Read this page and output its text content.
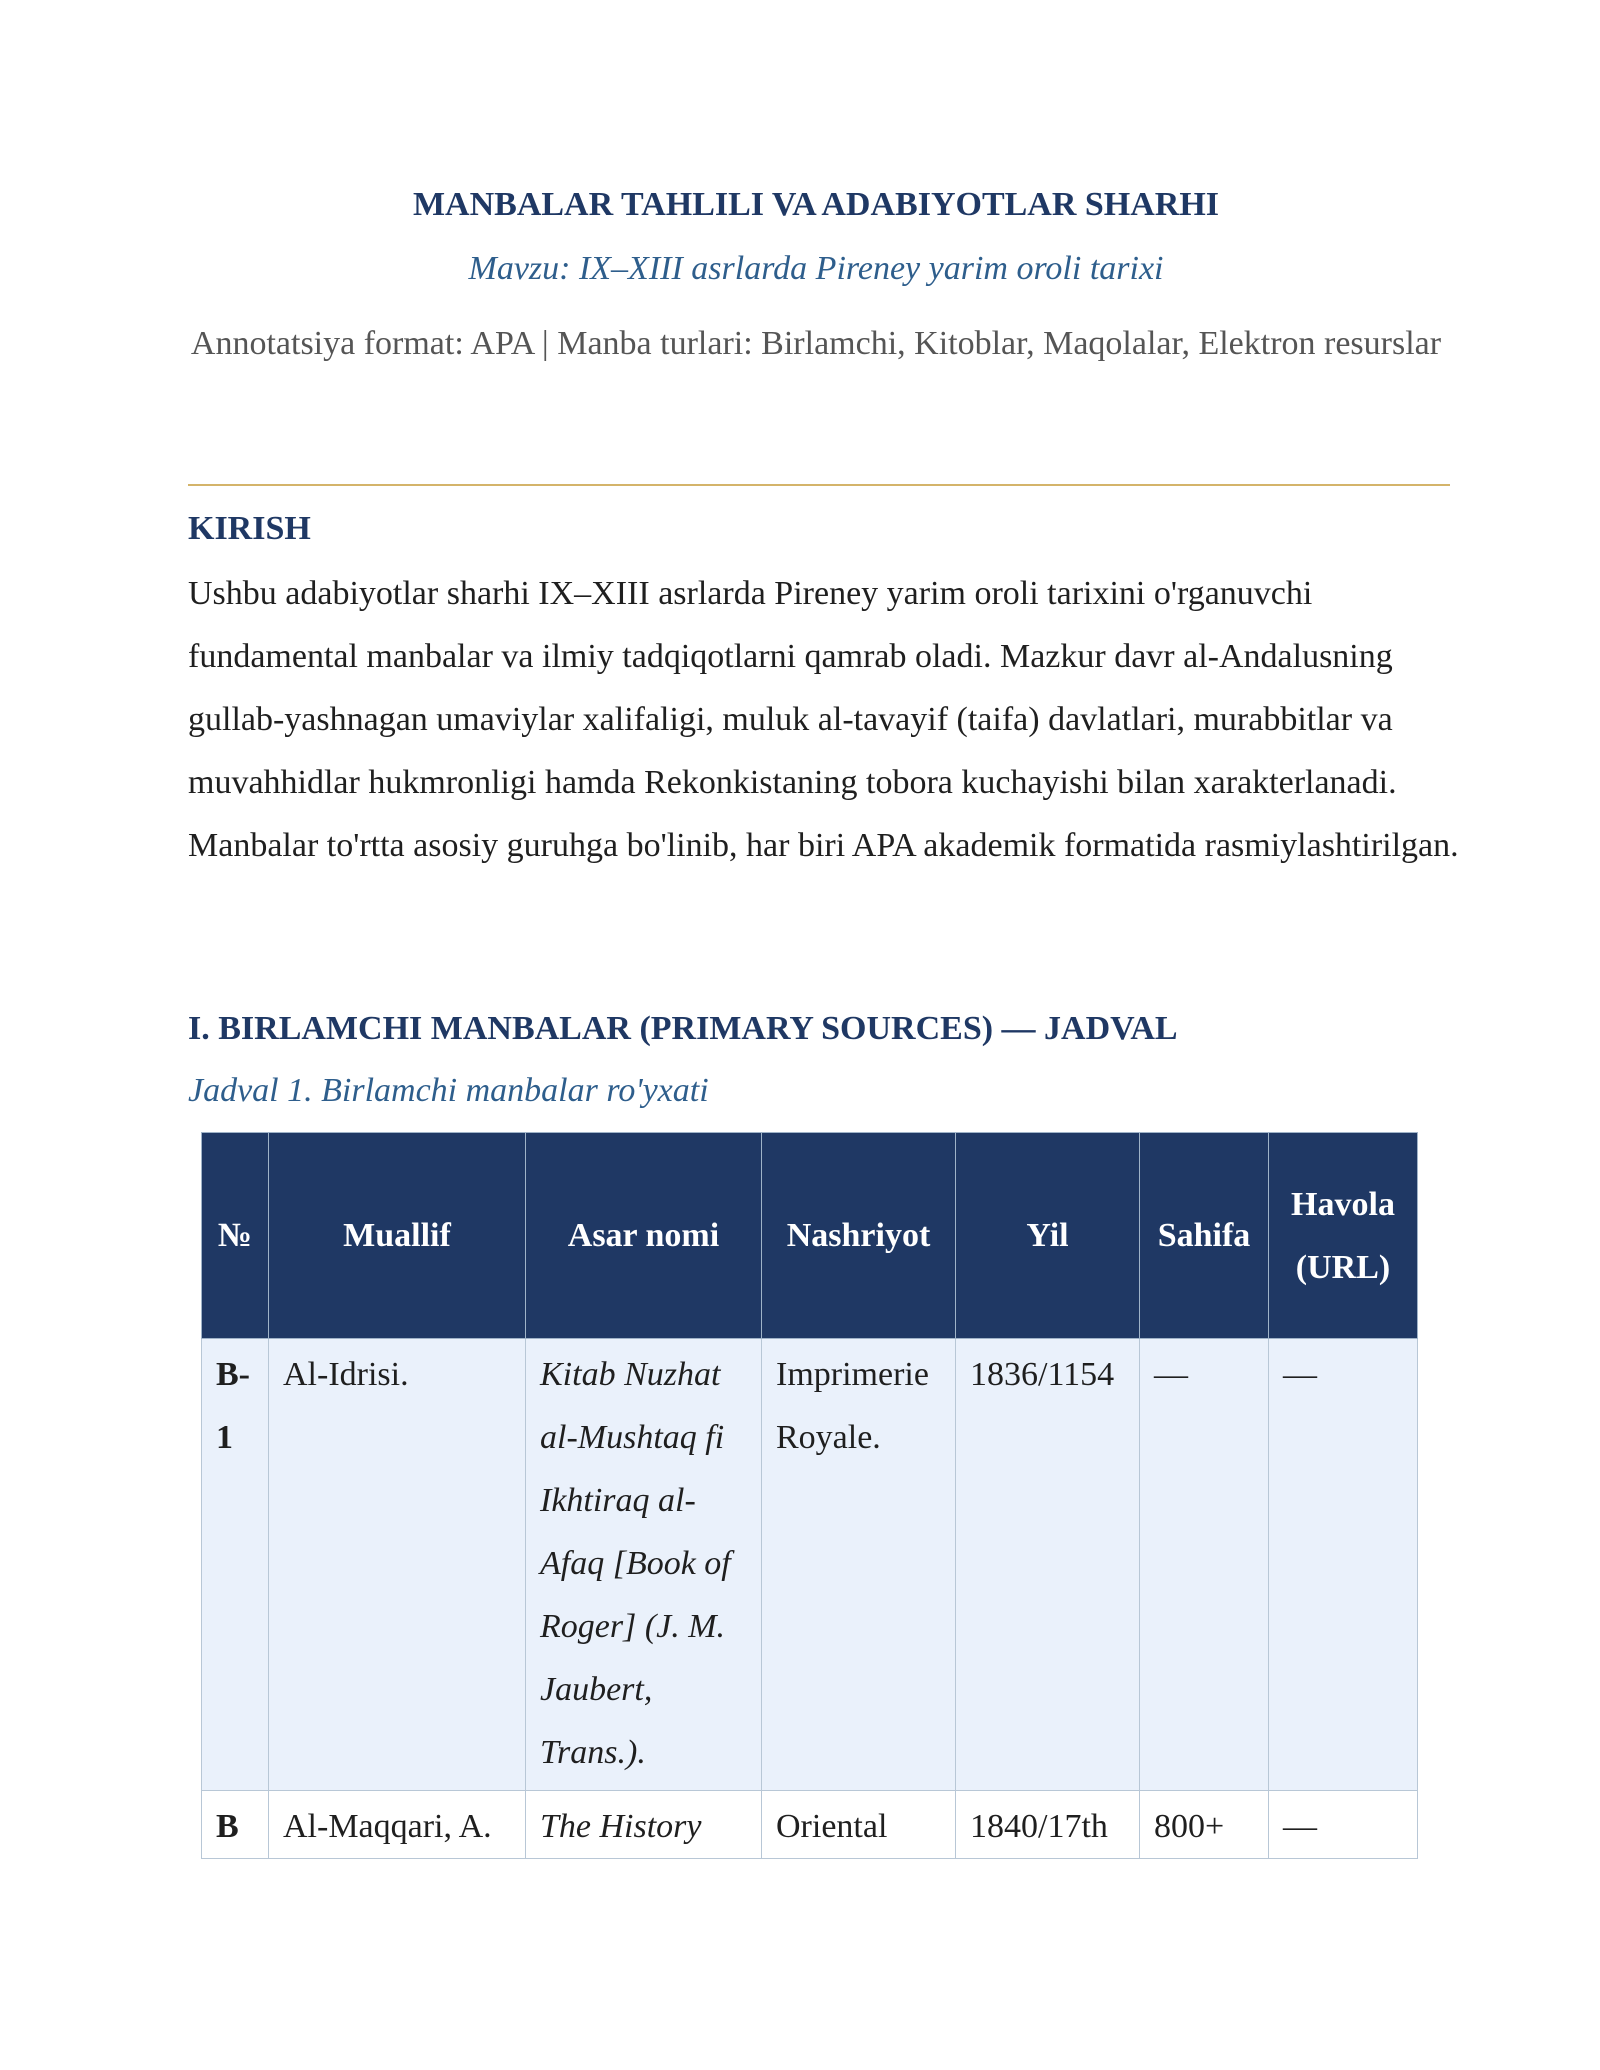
MANBALAR TAHLILI VA ADABIYOTLAR SHARHI
Mavzu: IX–XIII asrlarda Pireney yarim oroli tarixi
Annotatsiya format: APA | Manba turlari: Birlamchi, Kitoblar, Maqolalar, Elektron resurslar
KIRISH
Ushbu adabiyotlar sharhi IX–XIII asrlarda Pireney yarim oroli tarixini o'rganuvchi fundamental manbalar va ilmiy tadqiqotlarni qamrab oladi. Mazkur davr al-Andalusning gullab-yashnagan umaviylar xalifaligi, muluk al-tavayif (taifa) davlatlari, murabbitlar va muvahhidlar hukmronligi hamda Rekonkistaning tobora kuchayishi bilan xarakterlanadi. Manbalar to'rtta asosiy guruhga bo'linib, har biri APA akademik formatida rasmiylashtirilgan.
I. BIRLAMCHI MANBALAR (PRIMARY SOURCES) — JADVAL
Jadval 1. Birlamchi manbalar ro'yxati
№	Muallif	Asar nomi	Nashriyot	Yil	Sahifa	Havola (URL)
B-1	Al-Idrisi.	Kitab Nuzhat al-Mushtaq fi Ikhtiraq al-Afaq [Book of Roger] (J. M. Jaubert, Trans.).	Imprimerie Royale.	1836/1154	—	—
B	Al-Maqqari, A.	The History	Oriental	1840/17th	800+	—
